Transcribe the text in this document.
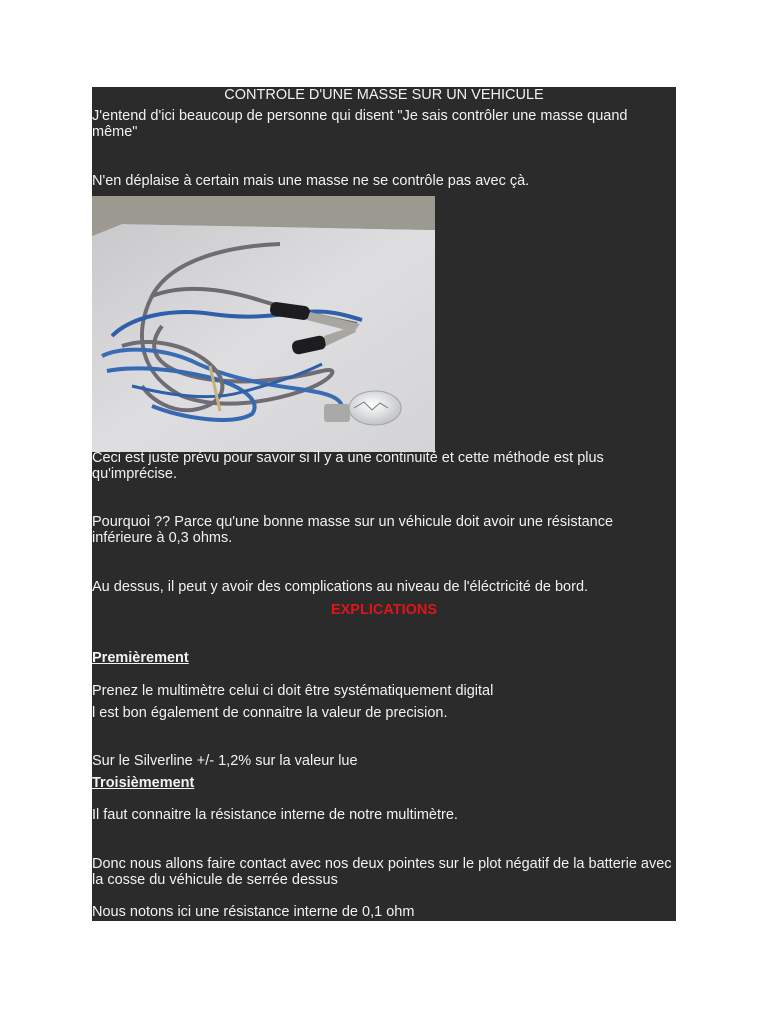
CONTROLE D'UNE MASSE SUR UN VEHICULE

J'entend d'ici beaucoup de personne qui disent "Je sais contrôler une masse quand même"

N'en déplaise à certain mais une masse ne se contrôle pas avec çà.

Ceci est juste prévu pour savoir si il y a une continuité et cette méthode est plus qu'imprécise.

Pourquoi ?? Parce qu'une bonne masse sur un véhicule doit avoir une résistance inférieure à 0,3 ohms.

Au dessus, il peut y avoir des complications au niveau de l'éléctricité de bord.

EXPLICATIONS

Premièrement

Prenez le multimètre celui ci doit être systématiquement digital

l est bon également de connaitre la valeur de precision.

Sur le Silverline +/- 1,2% sur la valeur lue

Troisièmement

Il faut connaitre la résistance interne de notre multimètre.

Donc nous allons faire contact avec nos deux pointes sur le plot négatif de la batterie avec la cosse du véhicule de serrée dessus

Nous notons ici une résistance interne de 0,1 ohm
